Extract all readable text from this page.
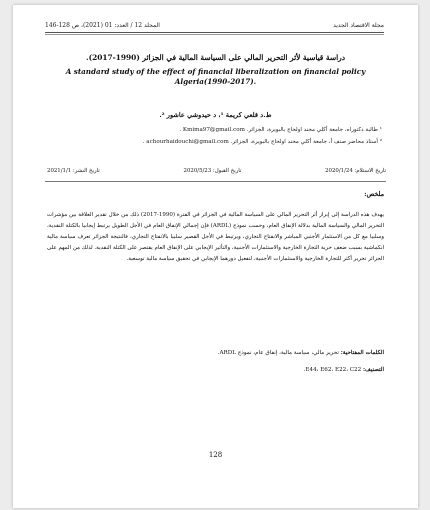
مجلة الاقتصاد الجديد
المجلد 12 / العدد: 01 (2021)، ص 128-146
دراسة قياسية لأثر التحرير المالي على السياسة المالية في الجزائر (1990-2017).
A standard study of the effect of financial liberalization on financial policy Algeria(1990-2017).
ط.د قلعي كريمة ¹، د حيدوشي عاشور ².
¹ طالبة دكتوراه، جامعة أكلي محند اولحاج بالبويرة، الجزائر. Kmima97@gmail.com .
² أستاذ محاضر صنف أ، جامعة أكلي محند اولحاج بالبويرة، الجزائر. achourhaidouchi@gmail.com .
تاريخ الاستلام: 2020/1/24
تاريخ القبول: 2020/5/23
تاريخ النشر: 2021/1/1
ملخص:
يهدف هذه الدراسة إلى إبراز أثر التحرير المالي على السياسة المالية في الجزائر في الفترة (1990-2017) ذلك من خلال تقدير العلاقة بين مؤشرات التحرير المالي والسياسة المالية بدلالة الإنفاق العام، وحسب نموذج (ARDL) فإن إجمالي الإنفاق العام في الأجل الطويل يرتبط إيجابيا بالكتلة النقدية، وسلبيا مع كل من الاستثمار الأجنبي المباشر والانفتاح التجاري، ويرتبط في الأجل القصير سلبيا بالانفتاح التجاري، فالنتيجة الجزائر تعرف سياسة مالية انكماشية بسبب ضعف حرية التجارة الخارجية والاستثمارات الأجنبية، والتأثير الإيجابي على الإنفاق العام يقتصر على الكتلة النقدية. لذلك من المهم على الجزائر تحرير أكثر للتجارة الخارجية والاستثمارات الأجنبية، لتفعيل دورهما الإيجابي في تحقيق سياسة مالية توسعية.
الكلمات المفتاحية: تحرير مالي، سياسة مالية، إنفاق عام، نموذج ARDL.
التصنيف: E44، E62، E22، C22.
128
